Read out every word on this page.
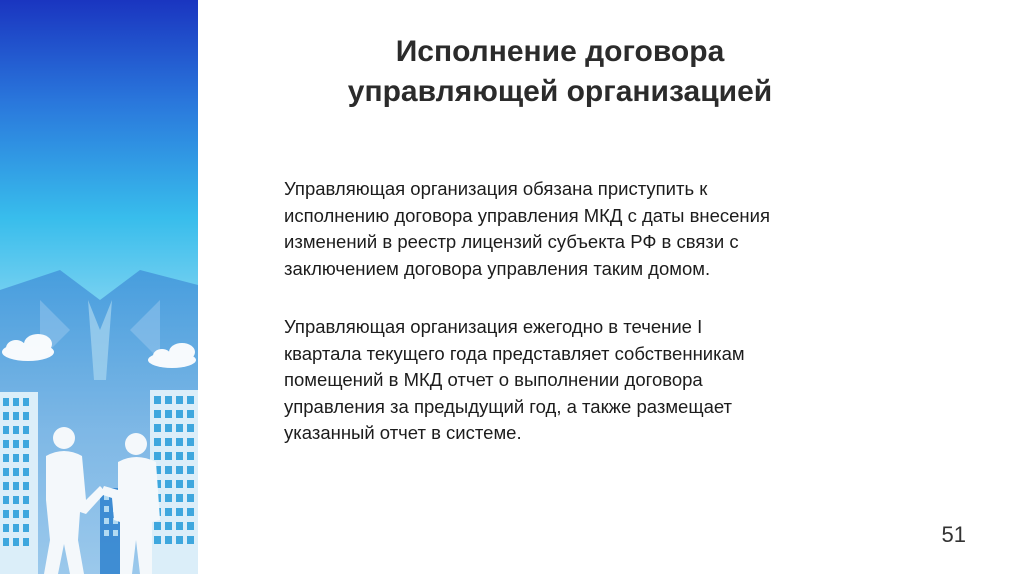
Исполнение договора
управляющей организацией
Управляющая организация обязана приступить к
исполнению договора управления МКД с даты внесения
изменений в реестр лицензий субъекта РФ в связи с
заключением договора управления таким домом.
Управляющая организация ежегодно в течение I
квартала текущего года представляет собственникам
помещений в МКД отчет о выполнении договора
управления за предыдущий год, а также размещает
указанный отчет в системе.
51
